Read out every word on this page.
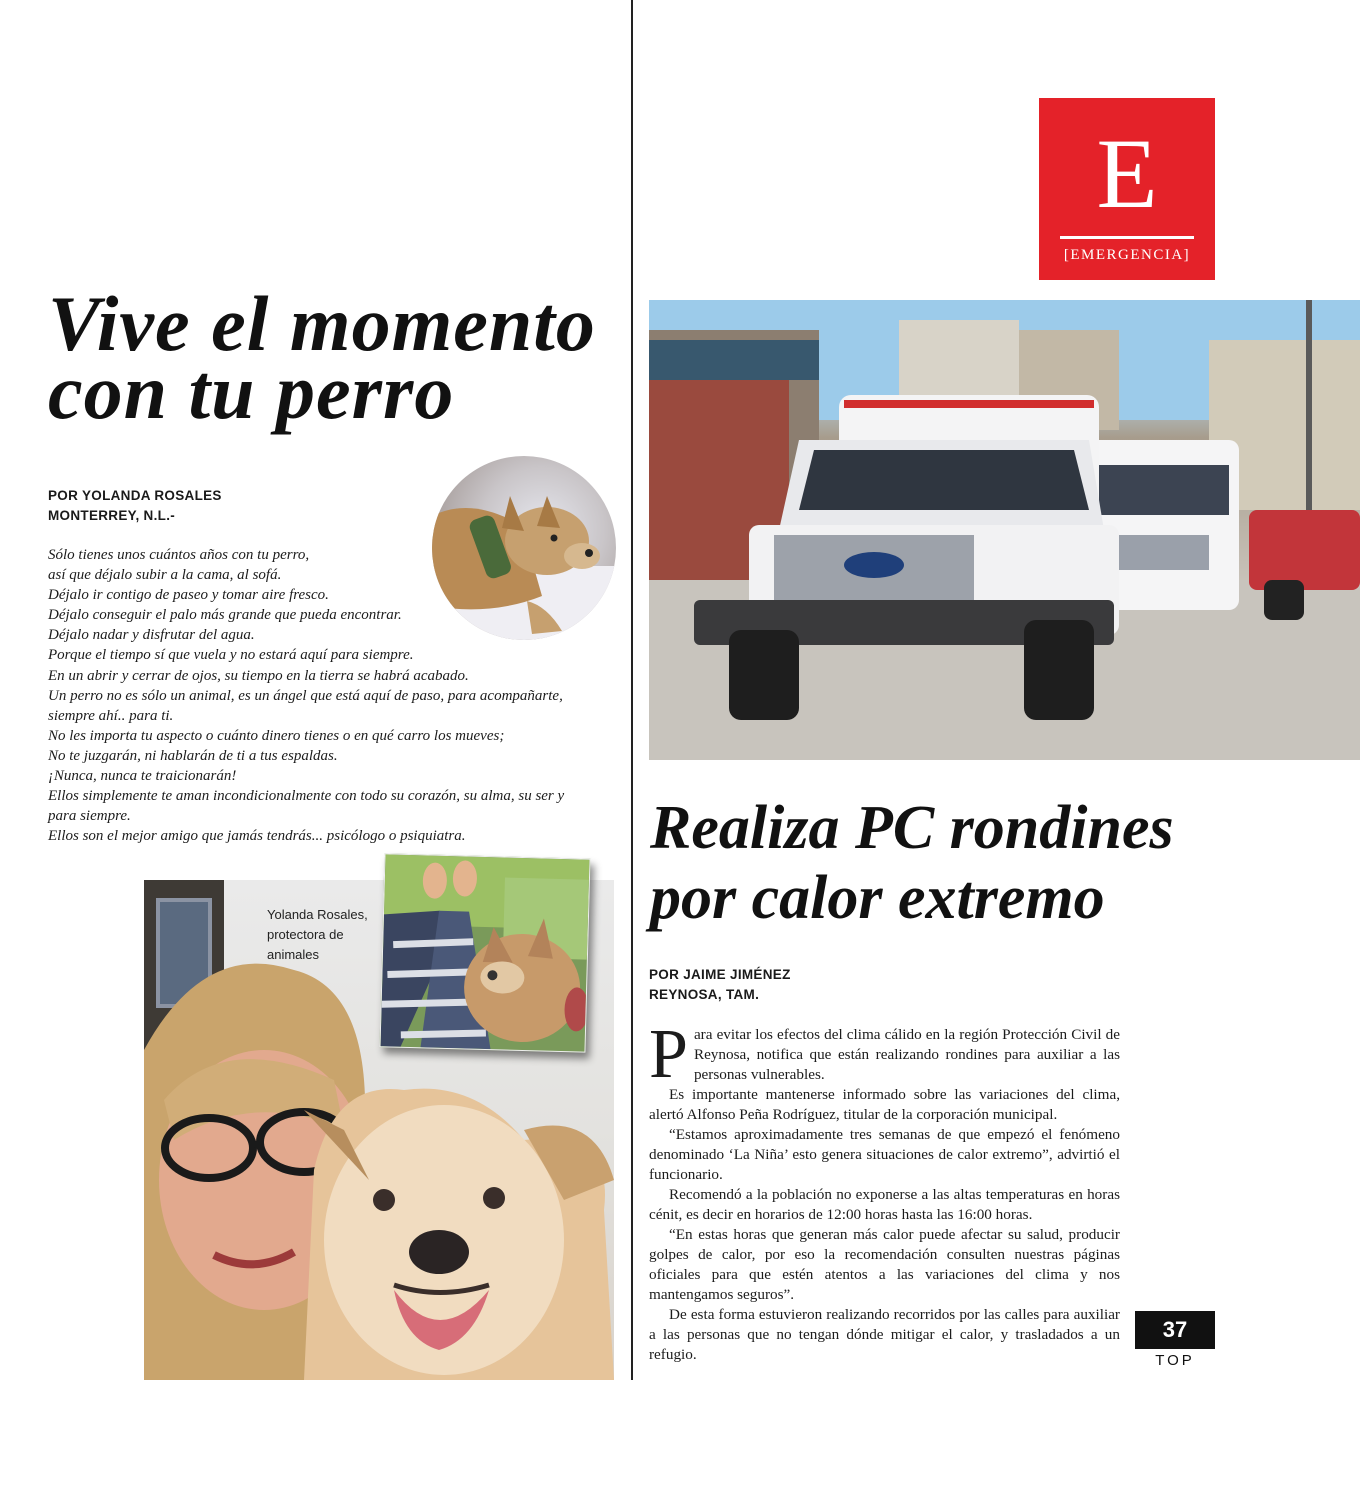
Vive el momento
con tu perro
POR YOLANDA ROSALES
MONTERREY, N.L.-
Sólo tienes unos cuántos años con tu perro,
así que déjalo subir a la cama, al sofá.
Déjalo ir contigo de paseo y tomar aire fresco.
Déjalo conseguir el palo más grande que pueda encontrar.
Déjalo nadar y disfrutar del agua.
Porque el tiempo sí que vuela y no estará aquí para siempre.
En un abrir y cerrar de ojos, su tiempo en la tierra se habrá acabado.
Un perro no es sólo un animal, es un ángel que está aquí de paso, para acompañarte,
siempre ahí.. para ti.
No les importa tu aspecto o cuánto dinero tienes o en qué carro los mueves;
No te juzgarán, ni hablarán de ti a tus espaldas.
¡Nunca, nunca te traicionarán!
Ellos simplemente te aman incondicionalmente con todo su corazón, su alma, su ser y
para siempre.
Ellos son el mejor amigo que jamás tendrás... psicólogo o psiquiatra.
Yolanda Rosales,
protectora de
animales
E
[EMERGENCIA]
Realiza PC rondines
por calor extremo
POR JAIME JIMÉNEZ
REYNOSA, TAM.

Para evitar los efectos del clima cálido en la región Protección Civil de Reynosa, notifica que están realizando rondines para auxiliar a las personas vulnerables.

Es importante mantenerse informado sobre las variaciones del clima, alertó Alfonso Peña Rodríguez, titular de la corporación municipal.

“Estamos aproximadamente tres semanas de que empezó el fenómeno denominado ‘La Niña’ esto genera situaciones de calor extremo”, advirtió el funcionario.

Recomendó a la población no exponerse a las altas temperaturas en horas cénit, es decir en horarios de 12:00 horas hasta las 16:00 horas.

“En estas horas que generan más calor puede afectar su salud, producir golpes de calor, por eso la recomendación consulten nuestras páginas oficiales para que estén atentos a las variaciones del clima y nos mantengamos seguros”.

De esta forma estuvieron realizando recorridos por las calles para auxiliar a las personas que no tengan dónde mitigar el calor, y trasladados a un refugio.

37
TOP
